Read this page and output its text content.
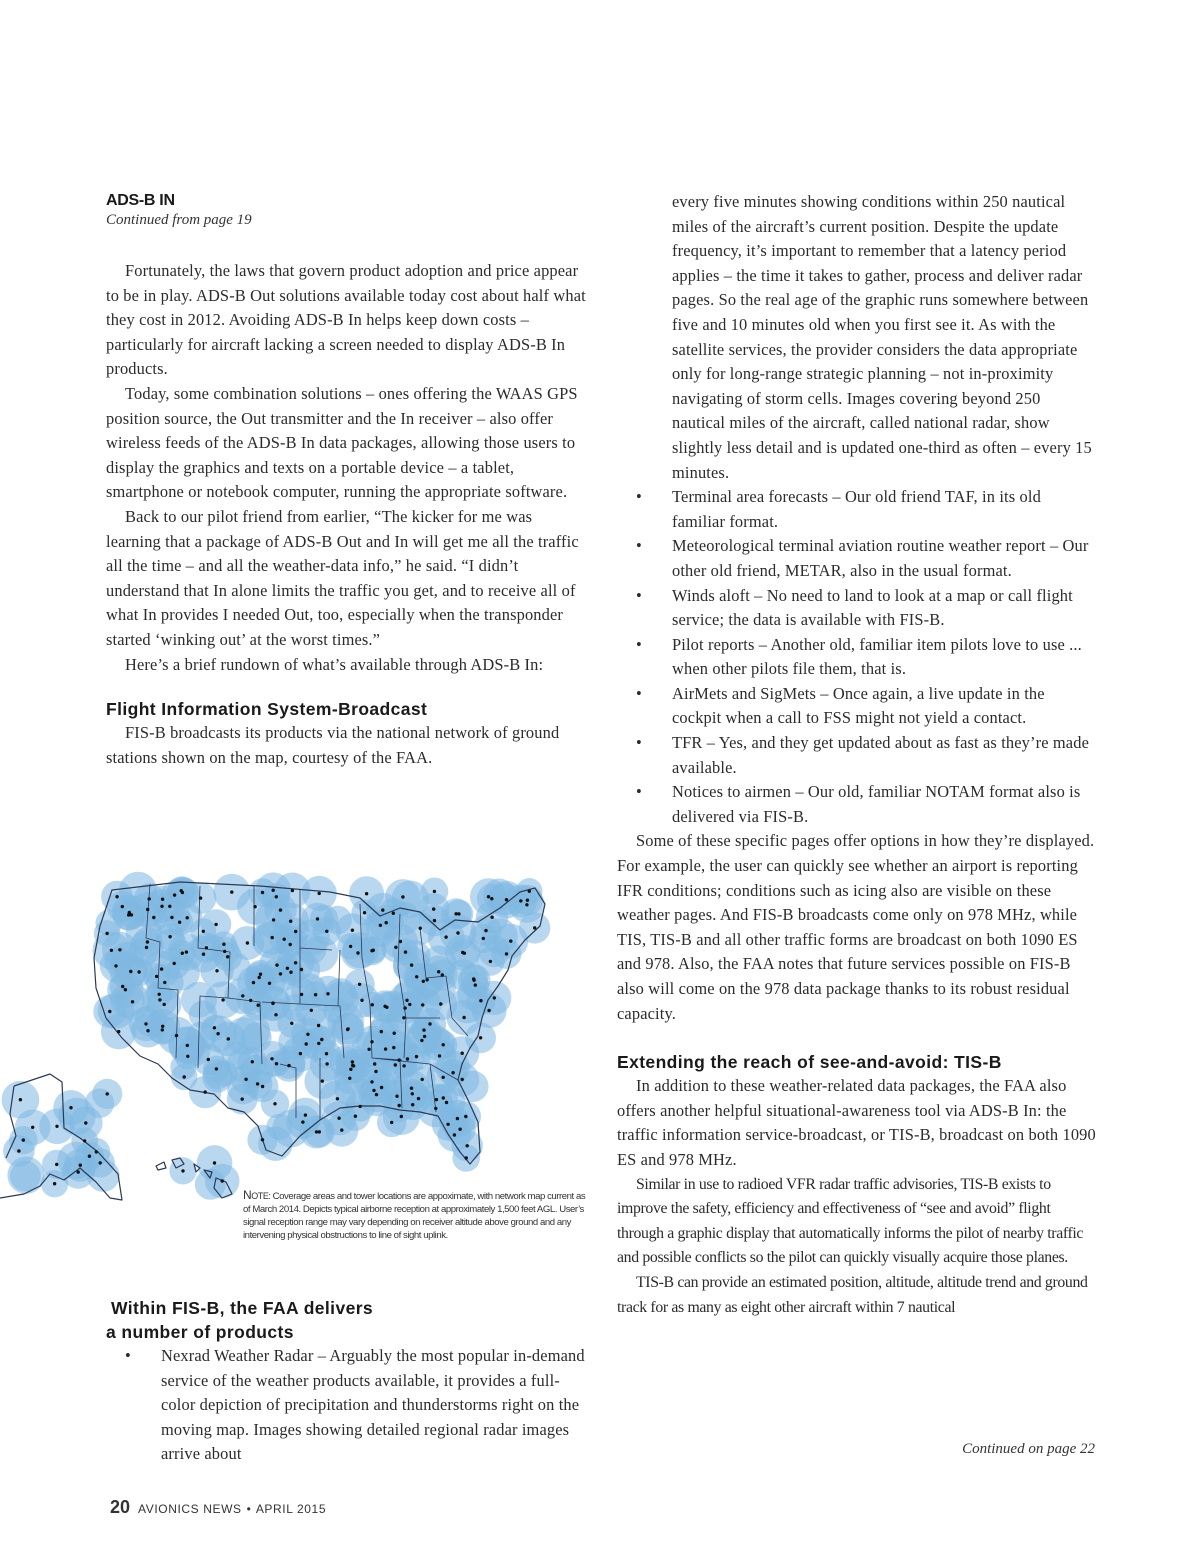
ADS-B IN

Continued from page 19

Fortunately, the laws that govern product adoption and price appear to be in play. ADS-B Out solutions available today cost about half what they cost in 2012. Avoiding ADS-B In helps keep down costs – particularly for aircraft lacking a screen needed to display ADS-B In products.

Today, some combination solutions – ones offering the WAAS GPS position source, the Out transmitter and the In receiver – also offer wireless feeds of the ADS-B In data packages, allowing those users to display the graphics and texts on a portable device – a tablet, smartphone or notebook computer, running the appropriate software.

Back to our pilot friend from earlier, “The kicker for me was learning that a package of ADS-B Out and In will get me all the traffic all the time – and all the weather-data info,” he said. “I didn’t understand that In alone limits the traffic you get, and to receive all of what In provides I needed Out, too, especially when the transponder started ‘winking out’ at the worst times.”

Here’s a brief rundown of what’s available through ADS-B In:

Flight Information System-Broadcast

FIS-B broadcasts its products via the national network of ground stations shown on the map, courtesy of the FAA.

NOTE: Coverage areas and tower locations are appoximate, with network map current as of March 2014. Depicts typical airborne reception at approximately 1,500 feet AGL. User’s signal reception range may vary depending on receiver altitude above ground and any intervening physical obstructions to line of sight uplink.

Within FIS-B, the FAA delivers

a number of products

• Nexrad Weather Radar – Arguably the most popular in-demand service of the weather products available, it provides a full-color depiction of precipitation and thunderstorms right on the moving map. Images showing detailed regional radar images arrive about

every five minutes showing conditions within 250 nautical miles of the aircraft’s current position. Despite the update frequency, it’s important to remember that a latency period applies – the time it takes to gather, process and deliver radar pages. So the real age of the graphic runs somewhere between five and 10 minutes old when you first see it. As with the satellite services, the provider considers the data appropriate only for long-range strategic planning – not in-proximity navigating of storm cells. Images covering beyond 250 nautical miles of the aircraft, called national radar, show slightly less detail and is updated one-third as often – every 15 minutes.

• Terminal area forecasts – Our old friend TAF, in its old familiar format.
• Meteorological terminal aviation routine weather report – Our other old friend, METAR, also in the usual format.
• Winds aloft – No need to land to look at a map or call flight service; the data is available with FIS-B.
• Pilot reports – Another old, familiar item pilots love to use ... when other pilots file them, that is.
• AirMets and SigMets – Once again, a live update in the cockpit when a call to FSS might not yield a contact.
• TFR – Yes, and they get updated about as fast as they’re made available.
• Notices to airmen – Our old, familiar NOTAM format also is delivered via FIS-B.

Some of these specific pages offer options in how they’re displayed. For example, the user can quickly see whether an airport is reporting IFR conditions; conditions such as icing also are visible on these weather pages. And FIS-B broadcasts come only on 978 MHz, while TIS, TIS-B and all other traffic forms are broadcast on both 1090 ES and 978. Also, the FAA notes that future services possible on FIS-B also will come on the 978 data package thanks to its robust residual capacity.

Extending the reach of see-and-avoid: TIS-B

In addition to these weather-related data packages, the FAA also offers another helpful situational-awareness tool via ADS-B In: the traffic information service-broadcast, or TIS-B, broadcast on both 1090 ES and 978 MHz.

Similar in use to radioed VFR radar traffic advisories, TIS-B exists to improve the safety, efficiency and effectiveness of “see and avoid” flight through a graphic display that automatically informs the pilot of nearby traffic and possible conflicts so the pilot can quickly visually acquire those planes.

TIS-B can provide an estimated position, altitude, altitude trend and ground track for as many as eight other aircraft within 7 nautical

Continued on page 22
20 AVIONICS NEWS • APRIL 2015
